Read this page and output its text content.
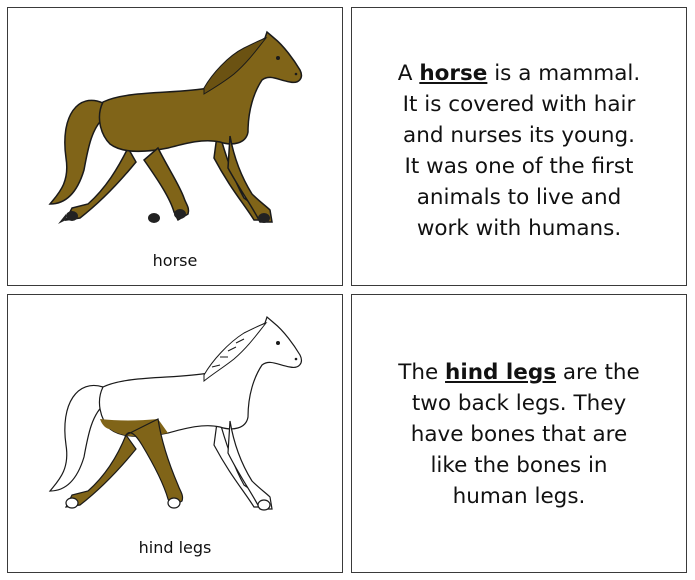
horse
A horse is a mammal.
It is covered with hair
and nurses its young.
It was one of the first
animals to live and
work with humans.
hind legs
The hind legs are the
two back legs. They
have bones that are
like the bones in
human legs.
